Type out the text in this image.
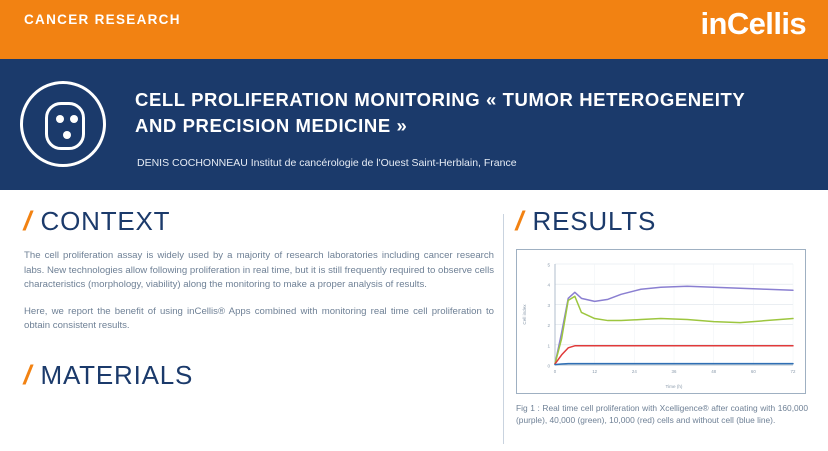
CANCER RESEARCH	inCellis
CELL PROLIFERATION MONITORING « TUMOR HETEROGENEITY AND PRECISION MEDICINE »
DENIS COCHONNEAU Institut de cancérologie de l'Ouest Saint-Herblain, France
/ CONTEXT

The cell proliferation assay is widely used by a majority of research laboratories including cancer research labs. New technologies allow following proliferation in real time, but it is still frequently required to observe cells characteristics (morphology, viability) along the monitoring to make a proper analysis of results.

Here, we report the benefit of using inCellis® Apps combined with monitoring real time cell proliferation to obtain consistent results.

/ MATERIALS
/ RESULTS
0
1
2
3
4
5
0	12	24	36	48	60	72
Time (h)
Cell index
Fig 1 : Real time cell proliferation with Xcelligence® after coating with 160,000 (purple), 40,000 (green), 10,000 (red) cells and without cell (blue line).
